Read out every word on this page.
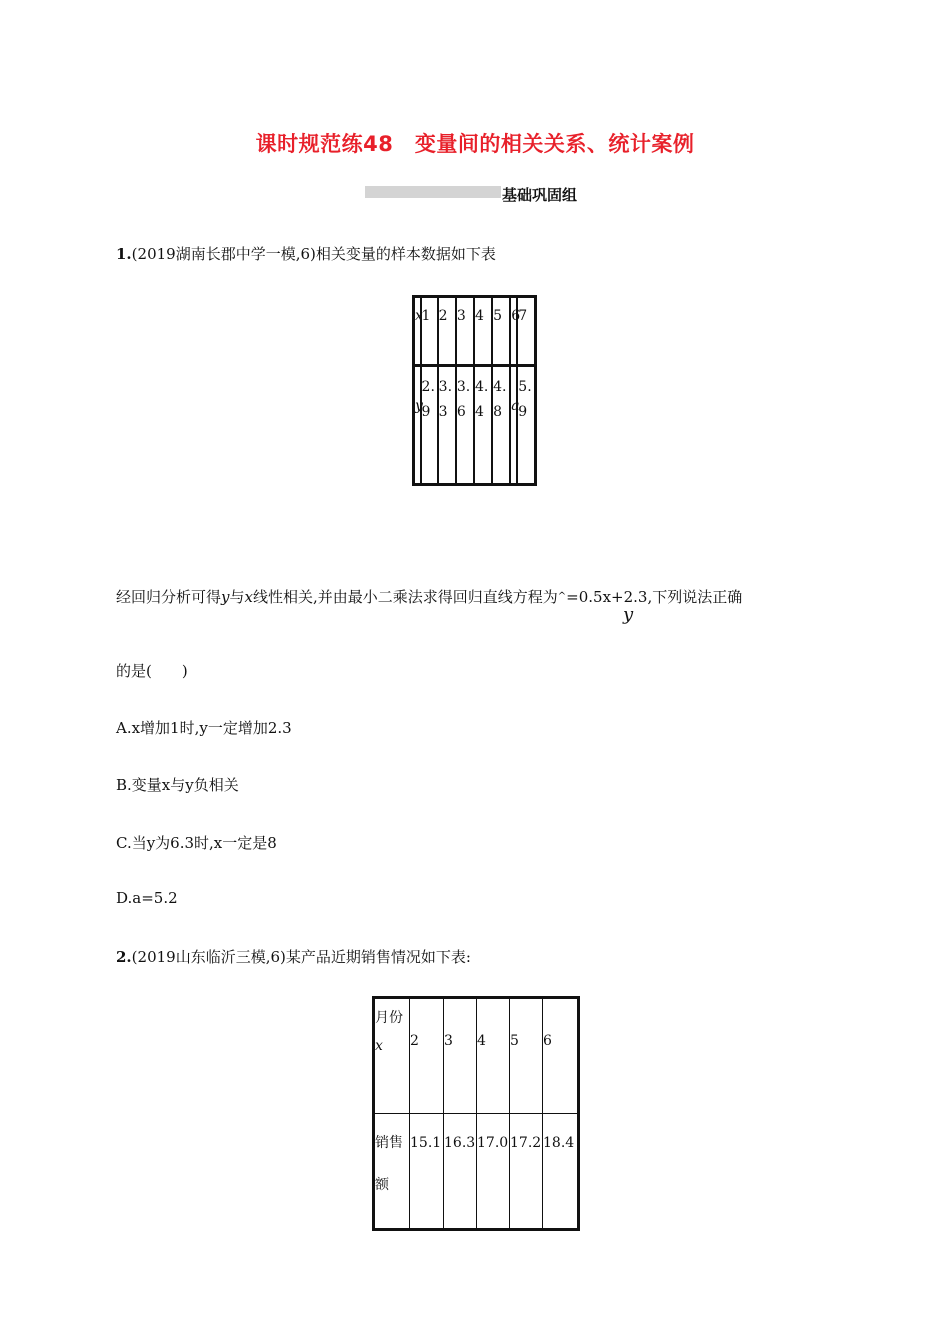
课时规范练48　变量间的相关关系、统计案例
基础巩固组
1.(2019湖南长郡中学一模,6)相关变量的样本数据如下表
x	1	2	3	4	5	6	7

y	2.9	3.3	3.6	4.4	4.8	a	5.9
经回归分析可得y与x线性相关,并由最小二乘法求得回归直线方程为^=0.5x+2.3,下列说法正确
y
的是(　　)
A.x增加1时,y一定增加2.3
B.变量x与y负相关
C.当y为6.3时,x一定是8
D.a=5.2
2.(2019山东临沂三模,6)某产品近期销售情况如下表:
月份
x	2	3	4	5	6

销售额	15.1	16.3	17.0	17.2	18.4
